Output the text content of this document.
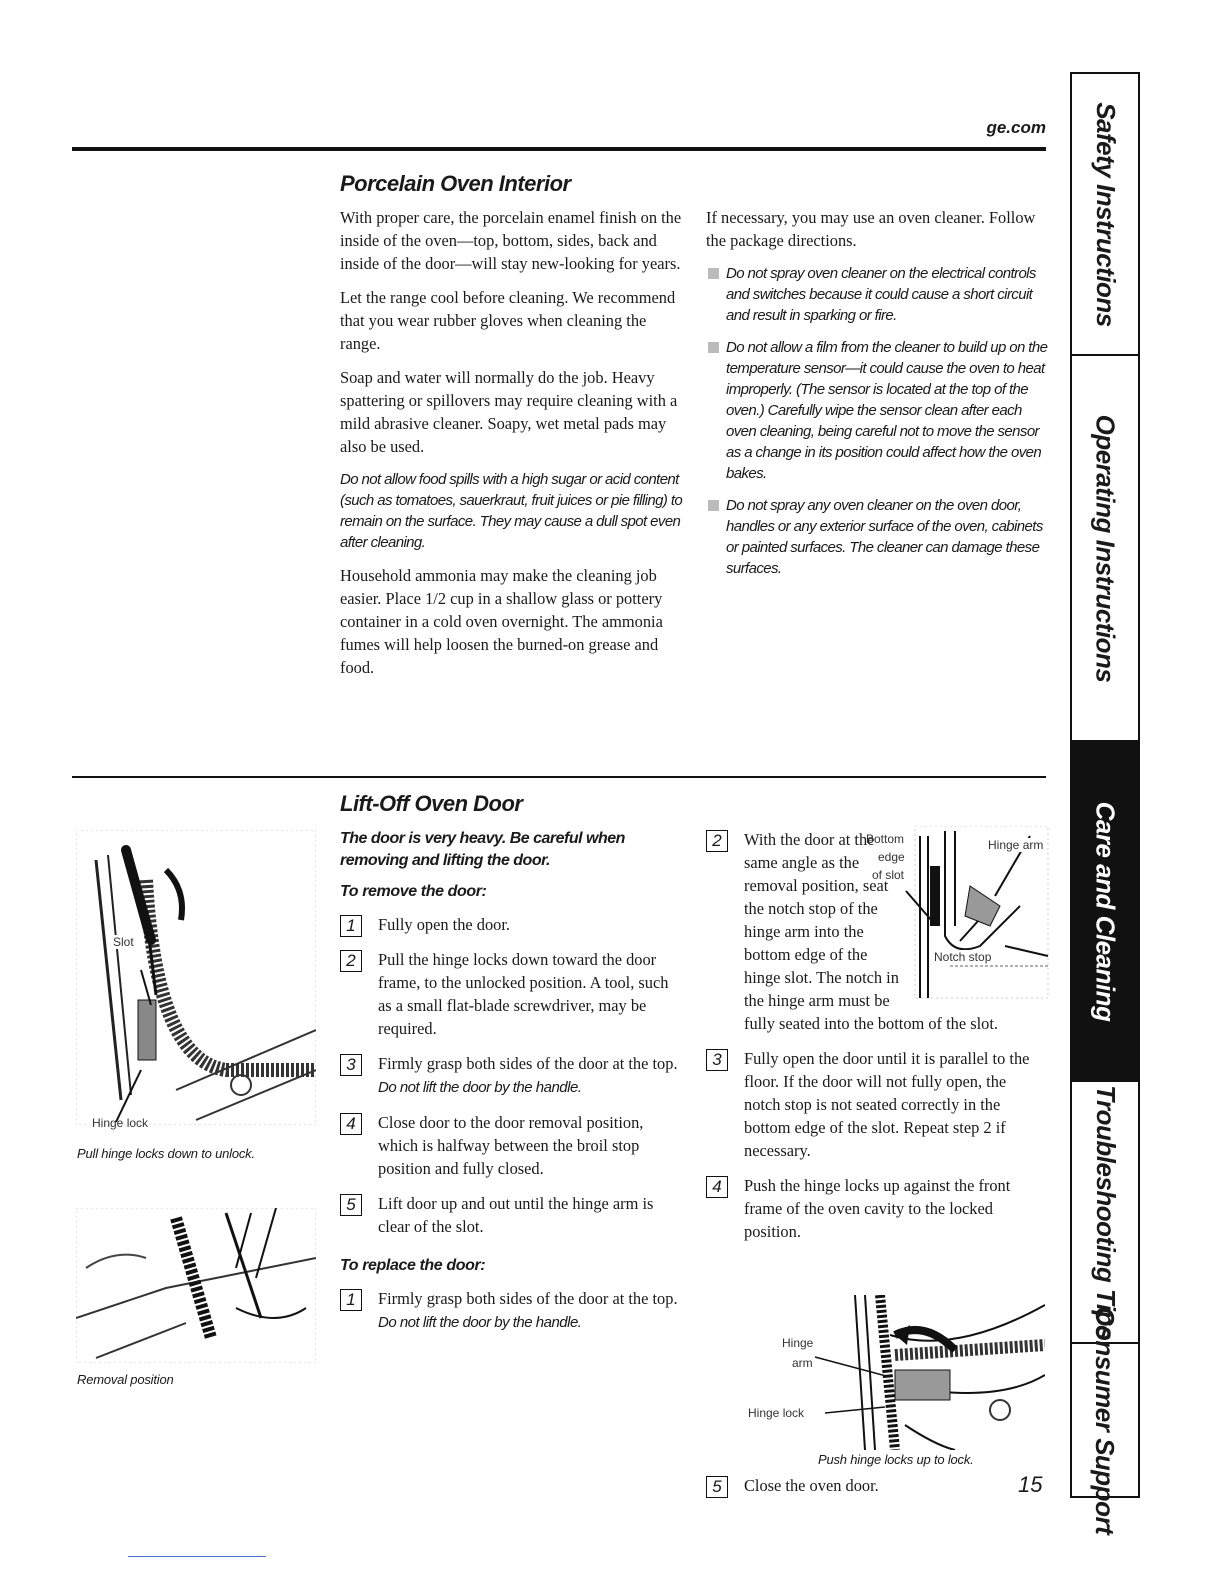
ge.com
Porcelain Oven Interior

With proper care, the porcelain enamel finish on the inside of the oven—top, bottom, sides, back and inside of the door—will stay new-looking for years.

Let the range cool before cleaning. We recommend that you wear rubber gloves when cleaning the range.

Soap and water will normally do the job. Heavy spattering or spillovers may require cleaning with a mild abrasive cleaner. Soapy, wet metal pads may also be used.

Do not allow food spills with a high sugar or acid content (such as tomatoes, sauerkraut, fruit juices or pie filling) to remain on the surface. They may cause a dull spot even after cleaning.

Household ammonia may make the cleaning job easier. Place 1/2 cup in a shallow glass or pottery container in a cold oven overnight. The ammonia fumes will help loosen the burned-on grease and food.

If necessary, you may use an oven cleaner. Follow the package directions.

Do not spray oven cleaner on the electrical controls and switches because it could cause a short circuit and result in sparking or fire.
Do not allow a film from the cleaner to build up on the temperature sensor—it could cause the oven to heat improperly. (The sensor is located at the top of the oven.) Carefully wipe the sensor clean after each oven cleaning, being careful not to move the sensor as a change in its position could affect how the oven bakes.
Do not spray any oven cleaner on the oven door, handles or any exterior surface of the oven, cabinets or painted surfaces. The cleaner can damage these surfaces.
Lift-Off Oven Door
Slot
Hinge lock
Pull hinge locks down to unlock.
Removal position
The door is very heavy. Be careful when removing and lifting the door.
To remove the door:
1	Fully open the door.
2	Pull the hinge locks down toward the door frame, to the unlocked position. A tool, such as a small flat-blade screwdriver, may be required.
3	Firmly grasp both sides of the door at the top. Do not lift the door by the handle.
4	Close door to the door removal position, which is halfway between the broil stop position and fully closed.
5	Lift door up and out until the hinge arm is clear of the slot.
To replace the door:
1	Firmly grasp both sides of the door at the top. Do not lift the door by the handle.
2	With the door at the same angle as the removal position, seat the notch stop of the hinge arm into the bottom edge of the hinge slot. The notch in the hinge arm must be fully seated into the bottom of the slot.
3	Fully open the door until it is parallel to the floor. If the door will not fully open, the notch stop is not seated correctly in the bottom edge of the slot. Repeat step 2 if necessary.
4	Push the hinge locks up against the front frame of the oven cavity to the locked position.
Bottom
edge
of slot
Hinge arm
Notch stop
Hinge
arm
Hinge lock
Push hinge locks up to lock.
5	Close the oven door.	15
Safety Instructions
Operating Instructions
Care and Cleaning
Troubleshooting Tips
Consumer Support
